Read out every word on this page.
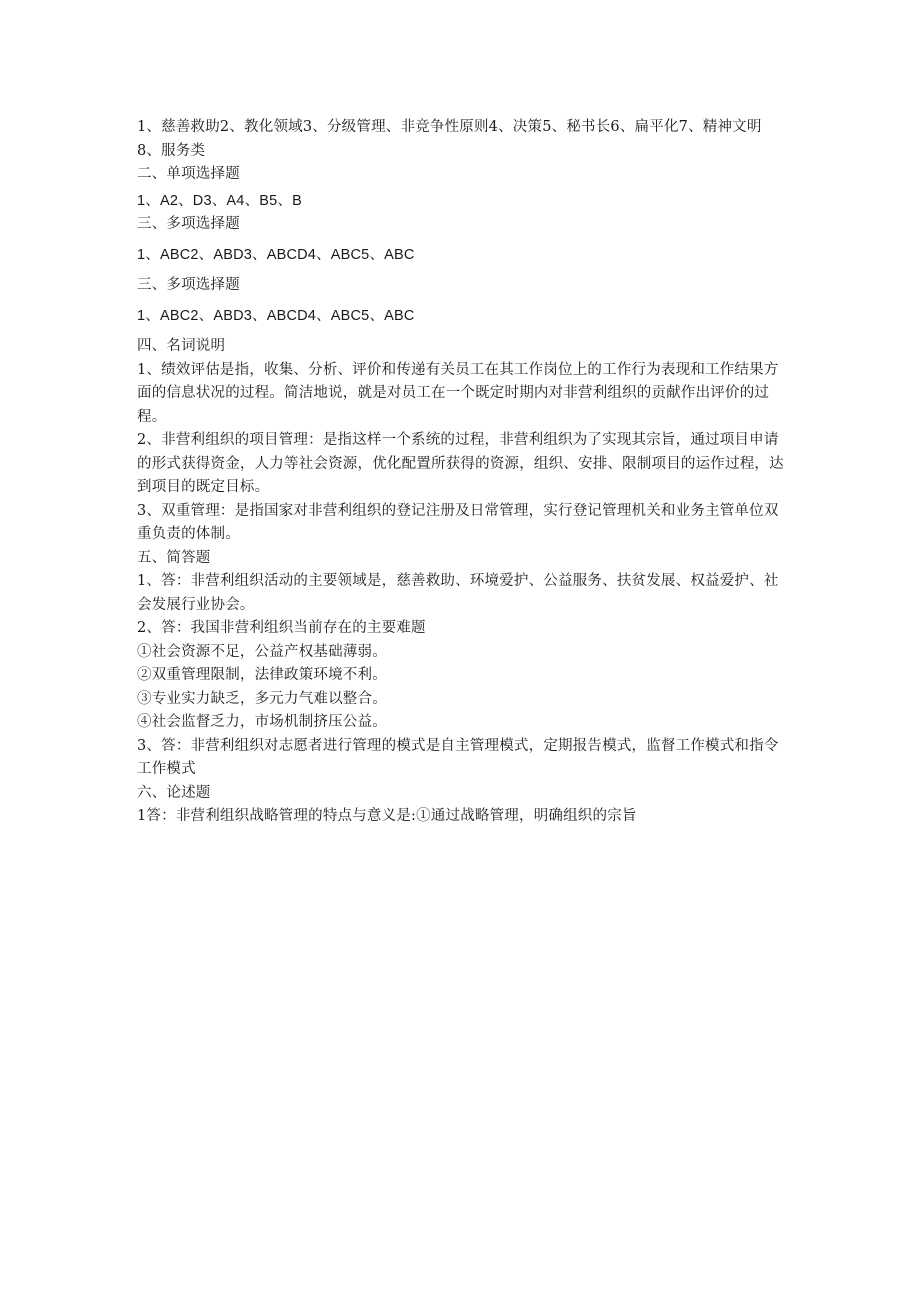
1、慈善救助2、教化领域3、分级管理、非竞争性原则4、决策5、秘书长6、扁平化7、精神文明8、服务类
二、单项选择题
1、A2、D3、A4、B5、B
三、多项选择题
1、ABC2、ABD3、ABCD4、ABC5、ABC
三、多项选择题
1、ABC2、ABD3、ABCD4、ABC5、ABC
四、名词说明
1、绩效评估是指，收集、分析、评价和传递有关员工在其工作岗位上的工作行为表现和工作结果方面的信息状况的过程。简洁地说，就是对员工在一个既定时期内对非营利组织的贡献作出评价的过程。
2、非营利组织的项目管理：是指这样一个系统的过程，非营利组织为了实现其宗旨，通过项目申请的形式获得资金，人力等社会资源，优化配置所获得的资源，组织、安排、限制项目的运作过程，达到项目的既定目标。
3、双重管理：是指国家对非营利组织的登记注册及日常管理，实行登记管理机关和业务主管单位双重负责的体制。
五、简答题
1、答：非营利组织活动的主要领域是，慈善救助、环境爱护、公益服务、扶贫发展、权益爱护、社会发展行业协会。
2、答：我国非营利组织当前存在的主要难题
①社会资源不足，公益产权基础薄弱。
②双重管理限制，法律政策环境不利。
③专业实力缺乏，多元力气难以整合。
④社会监督乏力，市场机制挤压公益。
3、答：非营利组织对志愿者进行管理的模式是自主管理模式，定期报告模式，监督工作模式和指令工作模式
六、论述题
1答：非营利组织战略管理的特点与意义是:①通过战略管理，明确组织的宗旨
